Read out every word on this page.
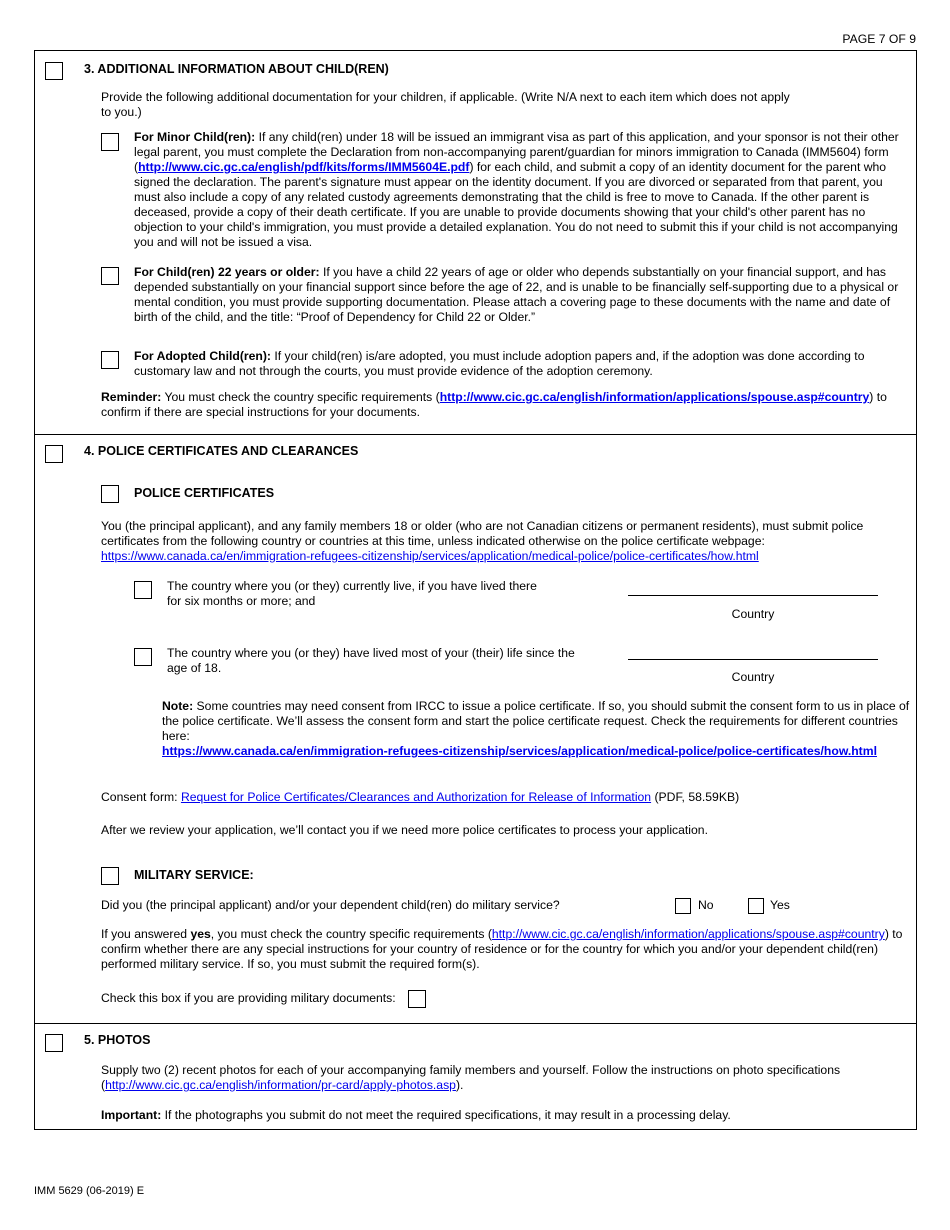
PAGE 7 OF 9
3. ADDITIONAL INFORMATION ABOUT CHILD(REN)
Provide the following additional documentation for your children, if applicable. (Write N/A next to each item which does not apply to you.)
For Minor Child(ren): If any child(ren) under 18 will be issued an immigrant visa as part of this application, and your sponsor is not their other legal parent, you must complete the Declaration from non-accompanying parent/guardian for minors immigration to Canada (IMM5604) form (http://www.cic.gc.ca/english/pdf/kits/forms/IMM5604E.pdf) for each child, and submit a copy of an identity document for the parent who signed the declaration. The parent's signature must appear on the identity document. If you are divorced or separated from that parent, you must also include a copy of any related custody agreements demonstrating that the child is free to move to Canada. If the other parent is deceased, provide a copy of their death certificate. If you are unable to provide documents showing that your child's other parent has no objection to your child's immigration, you must provide a detailed explanation. You do not need to submit this if your child is not accompanying you and will not be issued a visa.
For Child(ren) 22 years or older: If you have a child 22 years of age or older who depends substantially on your financial support, and has depended substantially on your financial support since before the age of 22, and is unable to be financially self-supporting due to a physical or mental condition, you must provide supporting documentation. Please attach a covering page to these documents with the name and date of birth of the child, and the title: “Proof of Dependency for Child 22 or Older.”
For Adopted Child(ren): If your child(ren) is/are adopted, you must include adoption papers and, if the adoption was done according to customary law and not through the courts, you must provide evidence of the adoption ceremony.
Reminder: You must check the country specific requirements (http://www.cic.gc.ca/english/information/applications/spouse.asp#country) to confirm if there are special instructions for your documents.
4. POLICE CERTIFICATES AND CLEARANCES
POLICE CERTIFICATES
You (the principal applicant), and any family members 18 or older (who are not Canadian citizens or permanent residents), must submit police certificates from the following country or countries at this time, unless indicated otherwise on the police certificate webpage: https://www.canada.ca/en/immigration-refugees-citizenship/services/application/medical-police/police-certificates/how.html
The country where you (or they) currently live, if you have lived there for six months or more; and
Country
The country where you (or they) have lived most of your (their) life since the age of 18.
Country
Note: Some countries may need consent from IRCC to issue a police certificate. If so, you should submit the consent form to us in place of the police certificate. We’ll assess the consent form and start the police certificate request. Check the requirements for different countries here:
https://www.canada.ca/en/immigration-refugees-citizenship/services/application/medical-police/police-certificates/how.html
Consent form: Request for Police Certificates/Clearances and Authorization for Release of Information (PDF, 58.59KB)
After we review your application, we’ll contact you if we need more police certificates to process your application.
MILITARY SERVICE:
Did you (the principal applicant) and/or your dependent child(ren) do military service?	No	Yes
If you answered yes, you must check the country specific requirements (http://www.cic.gc.ca/english/information/applications/spouse.asp#country) to confirm whether there are any special instructions for your country of residence or for the country for which you and/or your dependent child(ren) performed military service. If so, you must submit the required form(s).
Check this box if you are providing military documents:
5. PHOTOS
Supply two (2) recent photos for each of your accompanying family members and yourself. Follow the instructions on photo specifications (http://www.cic.gc.ca/english/information/pr-card/apply-photos.asp).
Important: If the photographs you submit do not meet the required specifications, it may result in a processing delay.
IMM 5629 (06-2019) E
